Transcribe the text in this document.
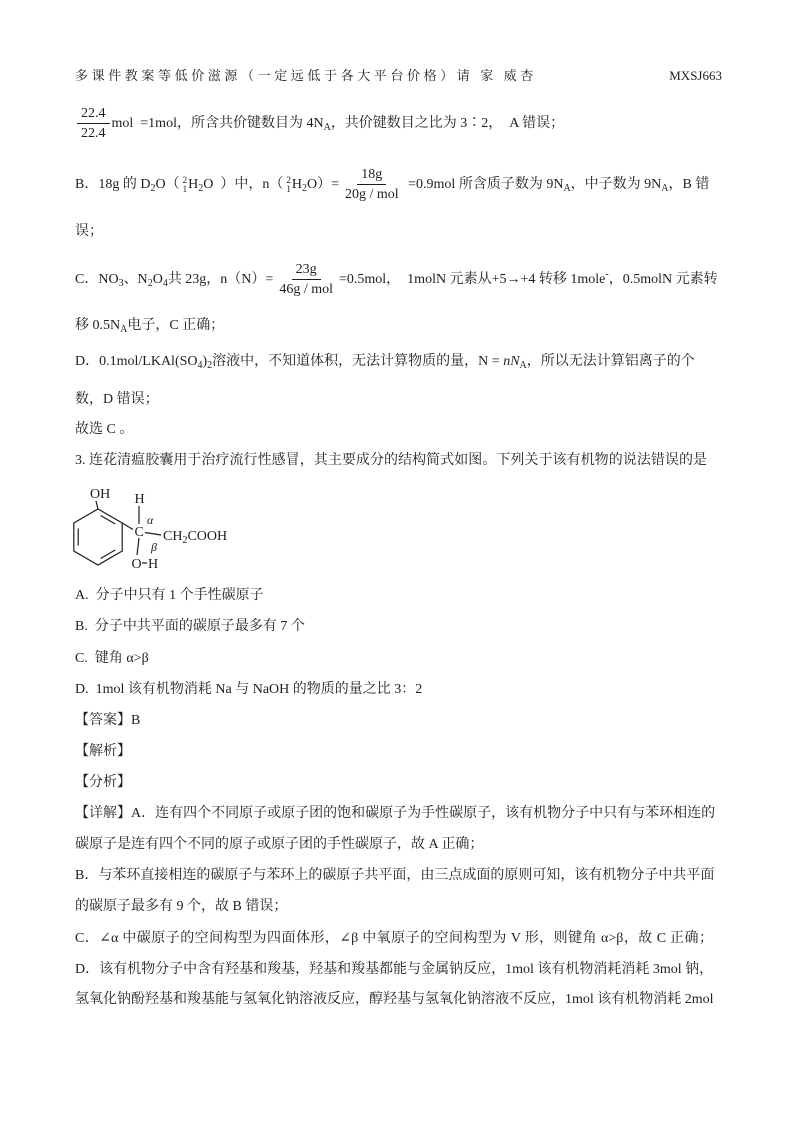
多课件教案等低价滋源（一定远低于各大平台价格）请 家 威杏	MXSJ663
$\frac{22.4}{22.4}$ mol  =1mol，所含共价键数目为 $4N_A$，共价键数目之比为 3∶2，  A 错误；
B．18g 的 $D_2O$（ 2
1 $H_2O$  ）中，n（ 2
1 $H_2O)= \frac{18g}{\text{20g / mol}} =0.9mol$ 所含质子数为 $9N_A$，中子数为 $9N_A$，B 错
误；
C．$NO_3$、$N_2O_4$共 23g，$n(N)= \frac{23g}{\text{46g / mol}} =0.5mol$，  1molN 元素从+5→+4 转移 1mole-，0.5molN 元素转
移 $0.5N_A$电子，C 正确；
D．$0.1mol/LKAl(SO_4)_2$溶液中，不知道体积，无法计算物质的量，$N = nN_A$，所以无法计算铝离子的个
数，D 错误；
故选 C 。
3. 连花清瘟胶囊用于治疗流行性感冒，其主要成分的结构简式如图。下列关于该有机物的说法错误的是
OH H
α
C $CH_2COOH$
β
O H
A.  分子中只有 1 个手性碳原子
B.  分子中共平面的碳原子最多有 7 个
C.  键角 α>β
D.  1mol 该有机物消耗 Na 与 NaOH 的物质的量之比 3：2
【答案】B
【解析】
【分析】
【详解】A．连有四个不同原子或原子团的饱和碳原子为手性碳原子，该有机物分子中只有与苯环相连的
碳原子是连有四个不同的原子或原子团的手性碳原子，故 A 正确；
B．与苯环直接相连的碳原子与苯环上的碳原子共平面，由三点成面的原则可知，该有机物分子中共平面
的碳原子最多有 9 个，故 B 错误；
C．∠α 中碳原子的空间构型为四面体形，∠β 中氧原子的空间构型为 V 形，则键角 α>β，故 C 正确；
D．该有机物分子中含有羟基和羧基，羟基和羧基都能与金属钠反应，1mol 该有机物消耗消耗 3mol 钠，
氢氧化钠酚羟基和羧基能与氢氧化钠溶液反应，醇羟基与氢氧化钠溶液不反应，1mol 该有机物消耗 2mol
